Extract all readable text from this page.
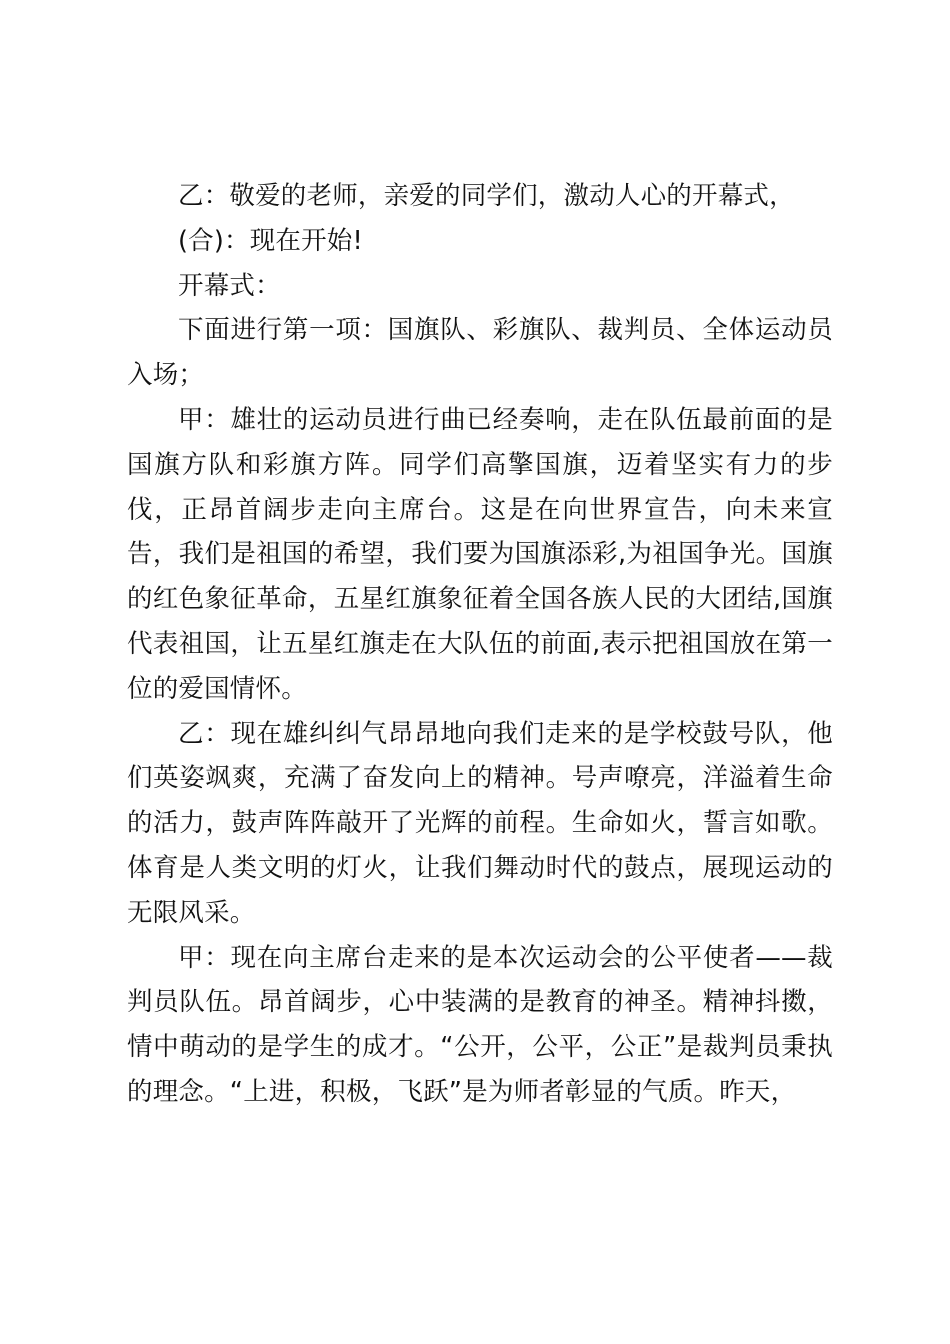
乙：敬爱的老师，亲爱的同学们，激动人心的开幕式，

(合)：现在开始!

开幕式：

下面进行第一项：国旗队、彩旗队、裁判员、全体运动员入场；

甲：雄壮的运动员进行曲已经奏响，走在队伍最前面的是国旗方队和彩旗方阵。同学们高擎国旗，迈着坚实有力的步伐，正昂首阔步走向主席台。这是在向世界宣告，向未来宣告，我们是祖国的希望，我们要为国旗添彩,为祖国争光。国旗的红色象征革命，五星红旗象征着全国各族人民的大团结,国旗代表祖国，让五星红旗走在大队伍的前面,表示把祖国放在第一位的爱国情怀。

乙：现在雄纠纠气昂昂地向我们走来的是学校鼓号队，他们英姿飒爽，充满了奋发向上的精神。号声嘹亮，洋溢着生命的活力，鼓声阵阵敲开了光辉的前程。生命如火，誓言如歌。体育是人类文明的灯火，让我们舞动时代的鼓点，展现运动的无限风采。

甲：现在向主席台走来的是本次运动会的公平使者——裁判员队伍。昂首阔步，心中装满的是教育的神圣。精神抖擞，情中萌动的是学生的成才。“公开，公平，公正”是裁判员秉执的理念。“上进，积极，飞跃”是为师者彰显的气质。昨天，
